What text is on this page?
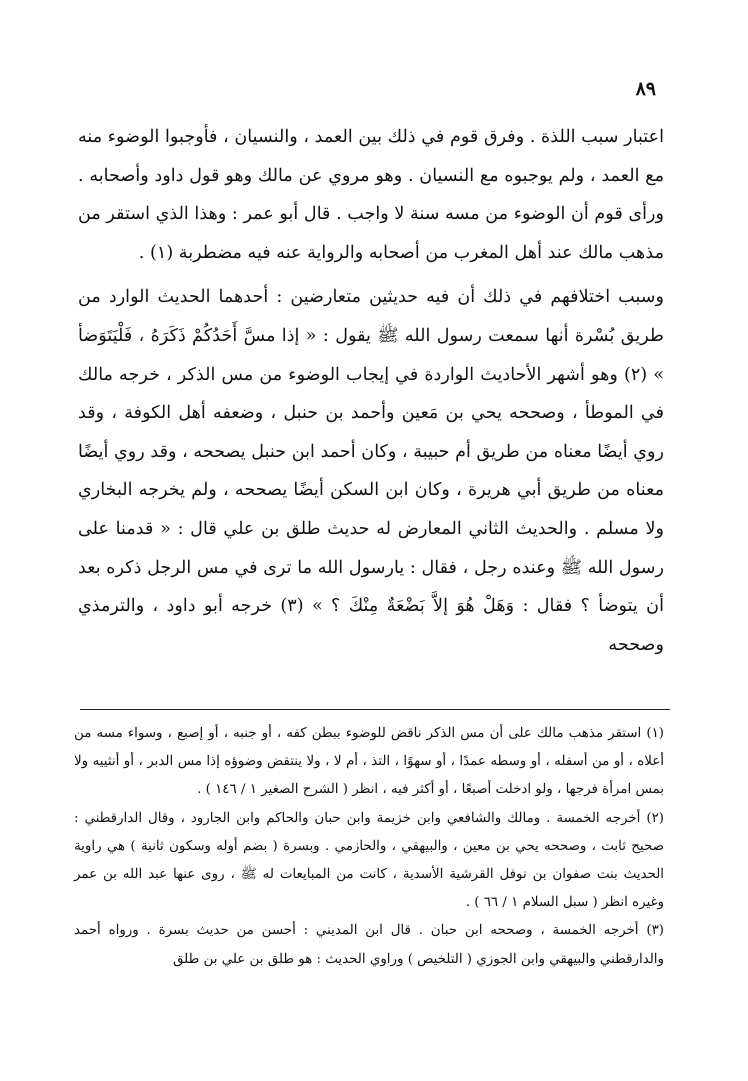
٨٩

اعتبار سبب اللذة . وفرق قوم في ذلك بين العمد ، والنسيان ، فأوجبوا الوضوء منه مع العمد ، ولم يوجبوه مع النسيان . وهو مروي عن مالك وهو قول داود وأصحابه . ورأى قوم أن الوضوء من مسه سنة لا واجب . قال أبو عمر : وهذا الذي استقر من مذهب مالك عند أهل المغرب من أصحابه والرواية عنه فيه مضطربة (١) .

وسبب اختلافهم في ذلك أن فيه حديثين متعارضين : أحدهما الحديث الوارد من طريق بُسْرة أنها سمعت رسول الله ﷺ يقول : « إذا مسَّ أَحَدُكُمْ ذَكَرَهُ ، فَلْيَتَوَضأ » (٢) وهو أشهر الأحاديث الواردة في إيجاب الوضوء من مس الذكر ، خرجه مالك في الموطأ ، وصححه يحي بن مَعين وأحمد بن حنبل ، وضعفه أهل الكوفة ، وقد روي أيضًا معناه من طريق أم حبيبة ، وكان أحمد ابن حنبل يصححه ، وقد روي أيضًا معناه من طريق أبي هريرة ، وكان ابن السكن أيضًا يصححه ، ولم يخرجه البخاري ولا مسلم . والحديث الثاني المعارض له حديث طلق بن علي قال : « قدمنا على رسول الله ﷺ وعنده رجل ، فقال : يارسول الله ما ترى في مس الرجل ذكره بعد أن يتوضأ ؟ فقال : وَهَلْ هُوَ إلاَّ بَضْعَةٌ مِنْكَ ؟ » (٣) خرجه أبو داود ، والترمذي وصححه

(١) استقر مذهب مالك على أن مس الذكر ناقض للوضوء ببطن كفه ، أو جنبه ، أو إصبع ، وسواء مسه من أعلاه ، أو من أسفله ، أو وسطه عمدًا ، أو سهوًا ، التذ ، أم لا ، ولا ينتقض وضوؤه إذا مس الدبر ، أو أنثييه ولا بمس امرأة فرجها ، ولو ادخلت أصبعًا ، أو أكثر فيه ، انظر ( الشرح الصغير ١ / ١٤٦ ) .

(٢) أخرجه الخمسة . ومالك والشافعي وابن خزيمة وابن حبان والحاكم وابن الجارود ، وقال الدارقطني : صحيح ثابت ، وصححه يحي بن معين ، والبيهقي ، والحازمي . وبسرة ( بضم أوله وسكون ثانية ) هي راوية الحديث بنت صفوان بن نوفل القرشية الأسدية ، كانت من المبايعات له ﷺ ، روى عنها عبد الله بن عمر وغيره انظر ( سبل السلام ١ / ٦٦ ) .

(٣) أخرجه الخمسة ، وصححه ابن حبان . قال ابن المديني : أحسن من حديث بسرة . ورواه أحمد والدارقطني والبيهقي وابن الجوزي ( التلخيص ) وراوي الحديث : هو طلق بن علي بن طلق
